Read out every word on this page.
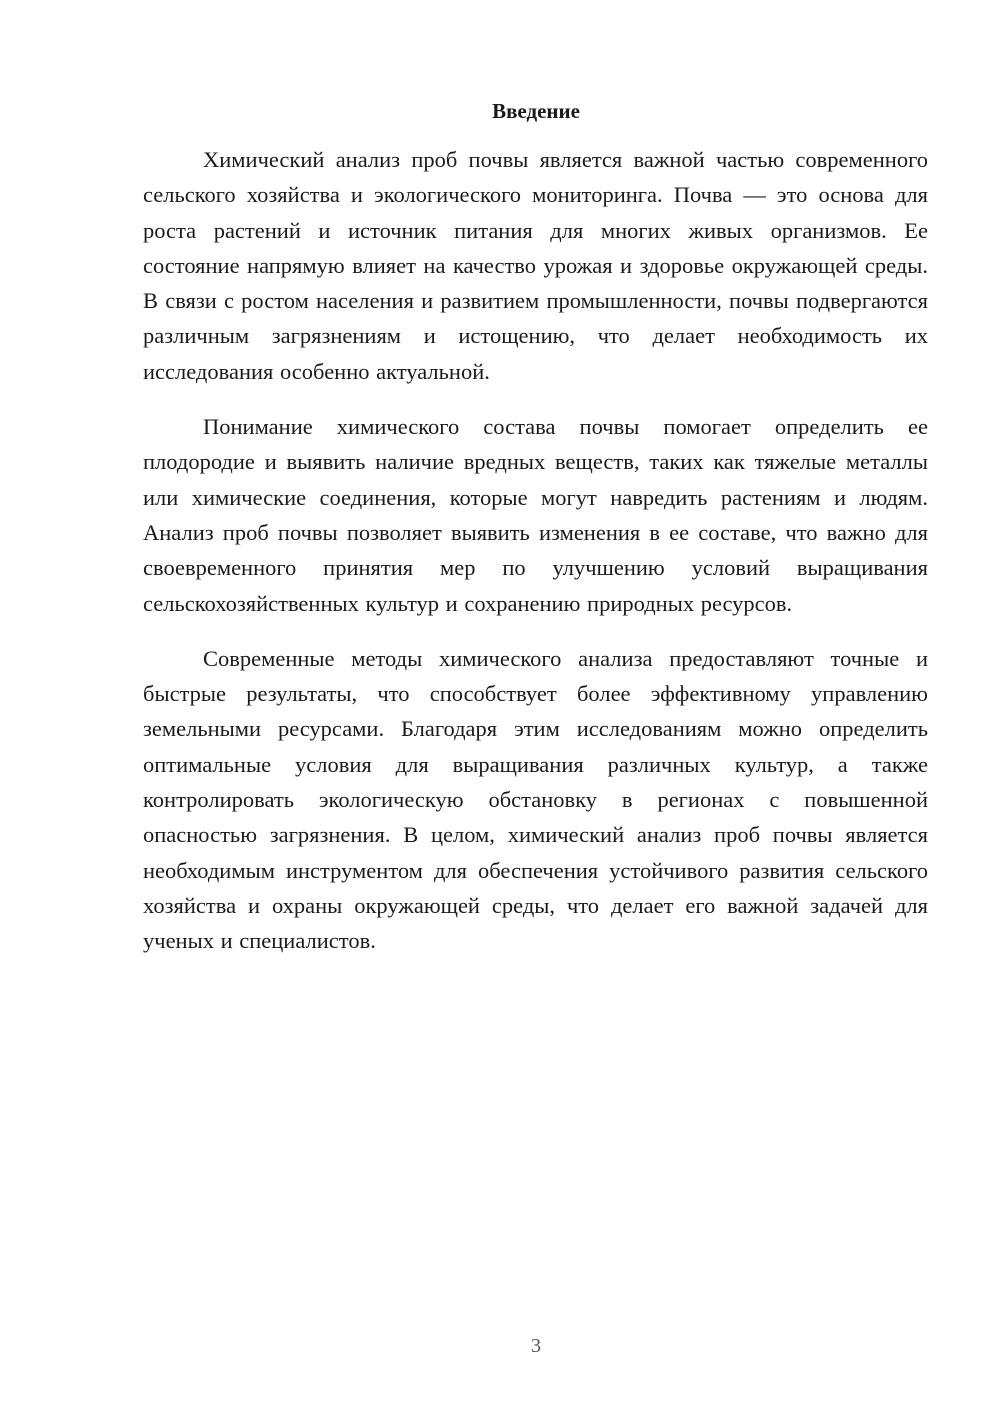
Введение

Химический анализ проб почвы является важной частью современного сельского хозяйства и экологического мониторинга. Почва — это основа для роста растений и источник питания для многих живых организмов. Ее состояние напрямую влияет на качество урожая и здоровье окружающей среды. В связи с ростом населения и развитием промышленности, почвы подвергаются различным загрязнениям и истощению, что делает необходимость их исследования особенно актуальной.

Понимание химического состава почвы помогает определить ее плодородие и выявить наличие вредных веществ, таких как тяжелые металлы или химические соединения, которые могут навредить растениям и людям. Анализ проб почвы позволяет выявить изменения в ее составе, что важно для своевременного принятия мер по улучшению условий выращивания сельскохозяйственных культур и сохранению природных ресурсов.

Современные методы химического анализа предоставляют точные и быстрые результаты, что способствует более эффективному управлению земельными ресурсами. Благодаря этим исследованиям можно определить оптимальные условия для выращивания различных культур, а также контролировать экологическую обстановку в регионах с повышенной опасностью загрязнения. В целом, химический анализ проб почвы является необходимым инструментом для обеспечения устойчивого развития сельского хозяйства и охраны окружающей среды, что делает его важной задачей для ученых и специалистов.

3
